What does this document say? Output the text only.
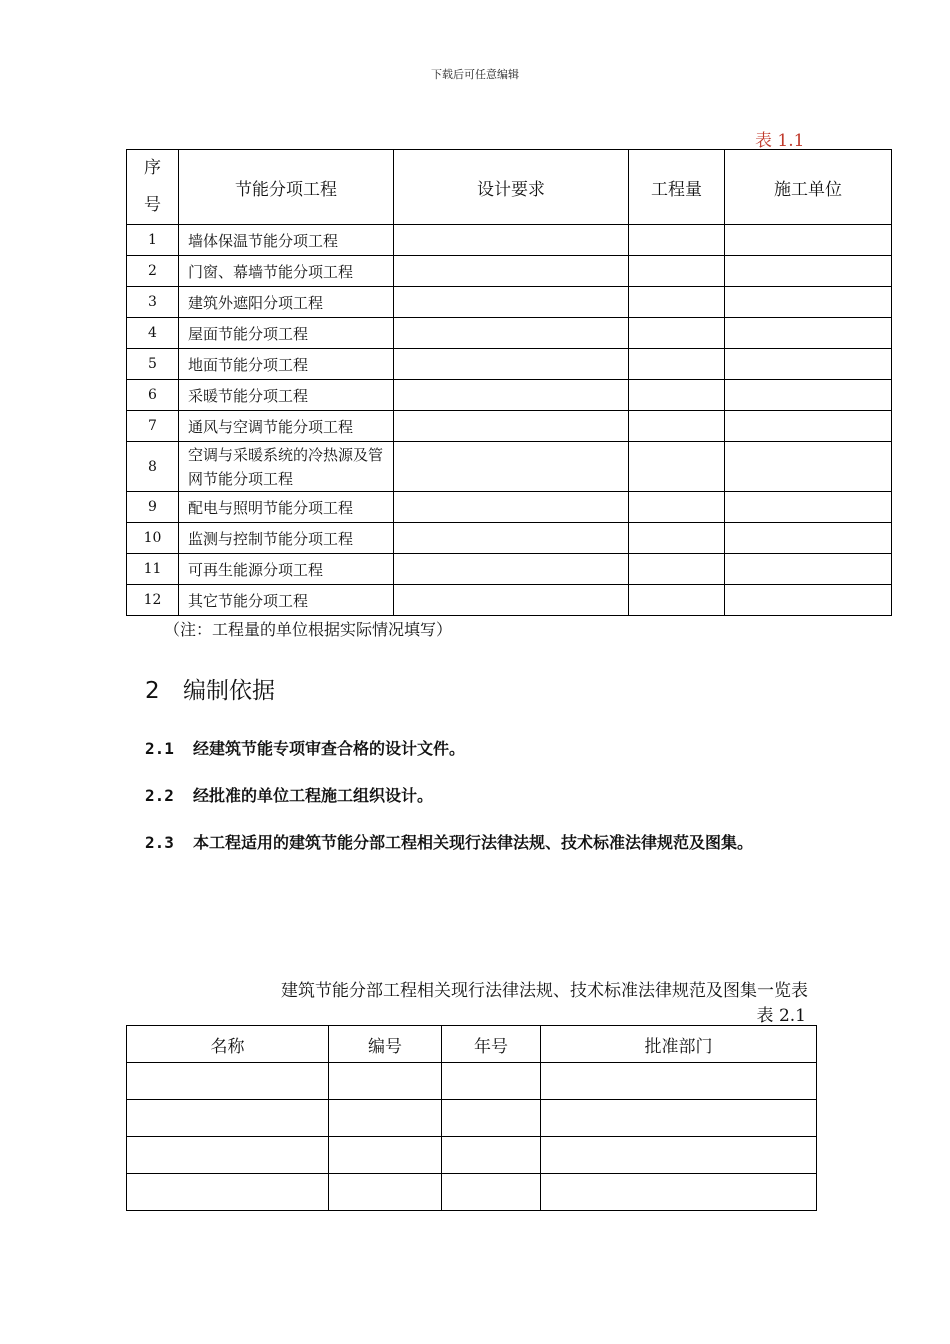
下载后可任意编辑
表 1.1
序
号	节能分项工程	设计要求	工程量	施工单位
1	墙体保温节能分项工程			
2	门窗、幕墙节能分项工程			
3	建筑外遮阳分项工程			
4	屋面节能分项工程			
5	地面节能分项工程			
6	采暖节能分项工程			
7	通风与空调节能分项工程			
8	空调与采暖系统的冷热源及管网节能分项工程			
9	配电与照明节能分项工程			
10	监测与控制节能分项工程			
11	可再生能源分项工程			
12	其它节能分项工程			
（注：工程量的单位根据实际情况填写）
2 编制依据
2.1 经建筑节能专项审查合格的设计文件。
2.2 经批准的单位工程施工组织设计。
2.3 本工程适用的建筑节能分部工程相关现行法律法规、技术标准法律规范及图集。
建筑节能分部工程相关现行法律法规、技术标准法律规范及图集一览表
表 2.1
名称	编号	年号	批准部门
